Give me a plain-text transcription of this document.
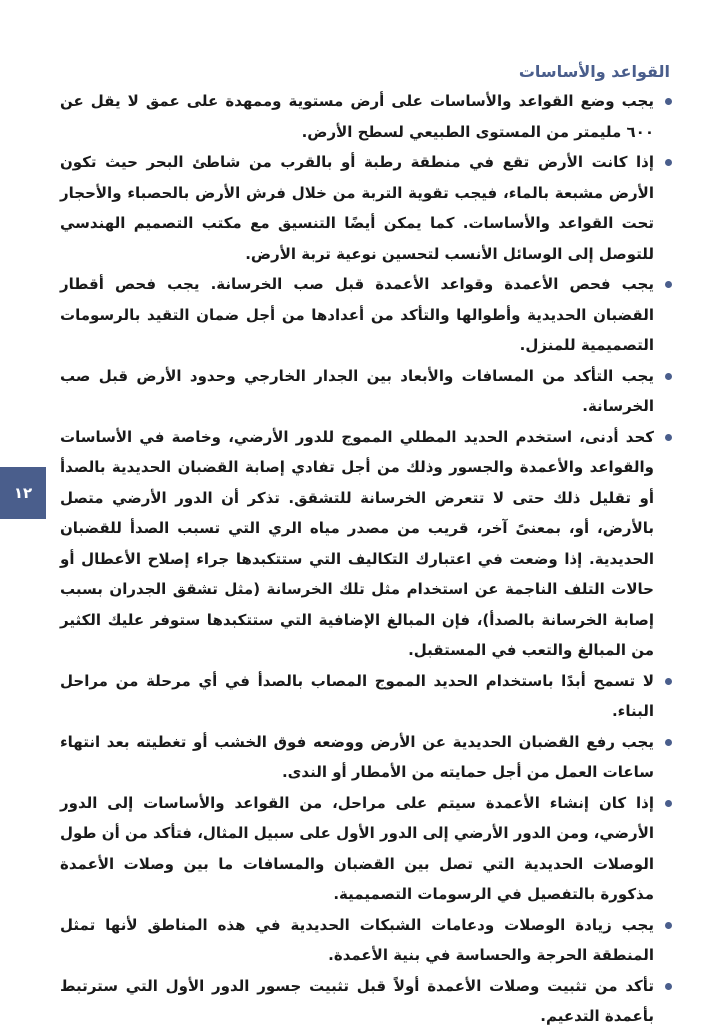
١٢
القواعد والأساسات
يجب وضع القواعد والأساسات على أرض مستوية وممهدة على عمق لا يقل عن ٦٠٠ مليمتر من المستوى الطبيعي لسطح الأرض.
إذا كانت الأرض تقع في منطقة رطبة أو بالقرب من شاطئ البحر حيث تكون الأرض مشبعة بالماء، فيجب تقوية التربة من خلال فرش الأرض بالحصباء والأحجار تحت القواعد والأساسات. كما يمكن أيضًا التنسيق مع مكتب التصميم الهندسي للتوصل إلى الوسائل الأنسب لتحسين نوعية تربة الأرض.
يجب فحص الأعمدة وقواعد الأعمدة قبل صب الخرسانة. يجب فحص أقطار القضبان الحديدية وأطوالها والتأكد من أعدادها من أجل ضمان التقيد بالرسومات التصميمية للمنزل.
يجب التأكد من المسافات والأبعاد بين الجدار الخارجي وحدود الأرض قبل صب الخرسانة.
كحد أدنى، استخدم الحديد المطلي المموج للدور الأرضي، وخاصة في الأساسات والقواعد والأعمدة والجسور وذلك من أجل تفادي إصابة القضبان الحديدية بالصدأ أو تقليل ذلك حتى لا تتعرض الخرسانة للتشقق. تذكر أن الدور الأرضي متصل بالأرض، أو، بمعنىً آخر، قريب من مصدر مياه الري التي تسبب الصدأ للقضبان الحديدية. إذا وضعت في اعتبارك التكاليف التي ستتكبدها جراء إصلاح الأعطال أو حالات التلف الناجمة عن استخدام مثل تلك الخرسانة (مثل تشقق الجدران بسبب إصابة الخرسانة بالصدأ)، فإن المبالغ الإضافية التي ستتكبدها ستوفر عليك الكثير من المبالغ والتعب في المستقبل.
لا تسمح أبدًا باستخدام الحديد المموج المصاب بالصدأ في أي مرحلة من مراحل البناء.
يجب رفع القضبان الحديدية عن الأرض ووضعه فوق الخشب أو تغطيته بعد انتهاء ساعات العمل من أجل حمايته من الأمطار أو الندى.
إذا كان إنشاء الأعمدة سيتم على مراحل، من القواعد والأساسات إلى الدور الأرضي، ومن الدور الأرضي إلى الدور الأول على سبيل المثال، فتأكد من أن طول الوصلات الحديدية التي تصل بين القضبان والمسافات ما بين وصلات الأعمدة مذكورة بالتفصيل في الرسومات التصميمية.
يجب زيادة الوصلات ودعامات الشبكات الحديدية في هذه المناطق لأنها تمثل المنطقة الحرجة والحساسة في بنية الأعمدة.
تأكد من تثبيت وصلات الأعمدة أولاً قبل تثبيت جسور الدور الأول التي سترتبط بأعمدة التدعيم.
